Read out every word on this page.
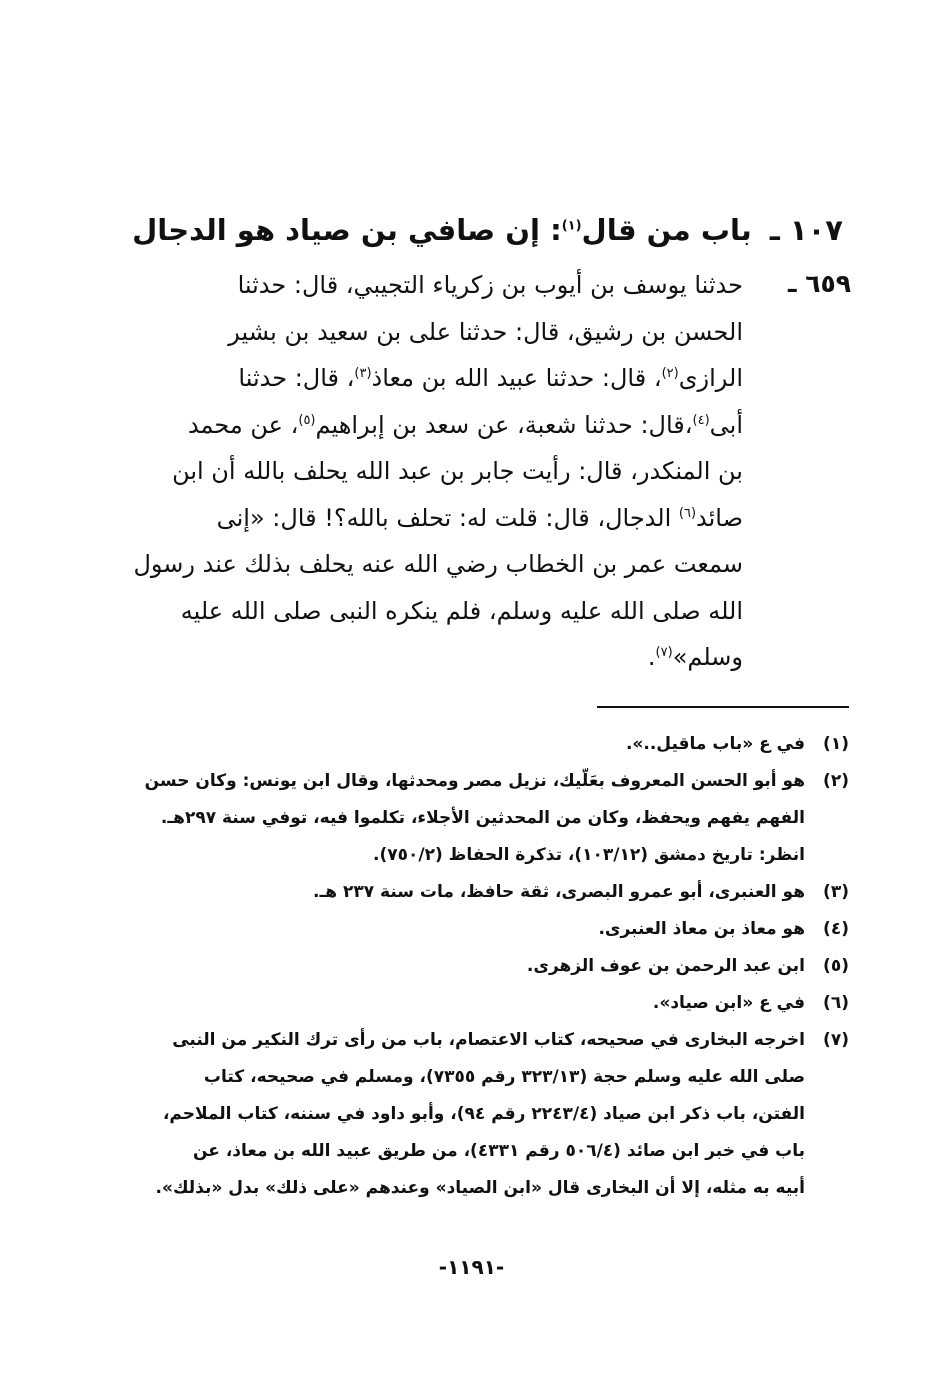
١٠٧ ـ باب من قال$^{(١)}$: إن صافي بن صياد هو الدجال
٦٥٩ ـ

حدثنا يوسف بن أيوب بن زكرياء التجيبي، قال: حدثنا

الحسن بن رشيق، قال: حدثنا على بن سعيد بن بشير

الرازى$^{(٢)}$، قال: حدثنا عبيد الله بن معاذ$^{(٣)}$، قال: حدثنا

أبى$^{(٤)}$،قال: حدثنا شعبة، عن سعد بن إبراهيم$^{(٥)}$، عن محمد

بن المنكدر، قال: رأيت جابر بن عبد الله يحلف بالله أن ابن

صائد$^{(٦)}$ الدجال، قال: قلت له: تحلف بالله؟! قال: «إنى

سمعت عمر بن الخطاب رضي الله عنه يحلف بذلك عند رسول

الله صلى الله عليه وسلم، فلم ينكره النبى صلى الله عليه

وسلم»$^{(٧)}$.

(١)
في ع «باب ماقيل..».
(٢)
هو أبو الحسن المعروف بعَلّيك، نزيل مصر ومحدثها، وقال ابن يونس: وكان حسن
الفهم يفهم ويحفظ، وكان من المحدثين الأجلاء، تكلموا فيه، توفي سنة ٢٩٧هـ.
انظر: تاريخ دمشق (١٠٣/١٢)، تذكرة الحفاظ (٧٥٠/٢).
(٣)
هو العنبرى، أبو عمرو البصرى، ثقة حافظ، مات سنة ٢٣٧ هـ.
(٤)
هو معاذ بن معاذ العنبرى.
(٥)
ابن عبد الرحمن بن عوف الزهرى.
(٦)
في ع «ابن صياد».
(٧)
اخرجه البخارى في صحيحه، كتاب الاعتصام، باب من رأى ترك النكير من النبى
صلى الله عليه وسلم حجة (٣٢٣/١٣ رقم ٧٣٥٥)، ومسلم في صحيحه، كتاب
الفتن، باب ذكر ابن صياد (٢٢٤٣/٤ رقم ٩٤)، وأبو داود في سننه، كتاب الملاحم،
باب في خبر ابن صائد (٥٠٦/٤ رقم ٤٣٣١)، من طريق عبيد الله بن معاذ، عن
أبيه به مثله، إلا أن البخارى قال «ابن الصياد» وعندهم «على ذلك» بدل «بذلك».
-١١٩١-
